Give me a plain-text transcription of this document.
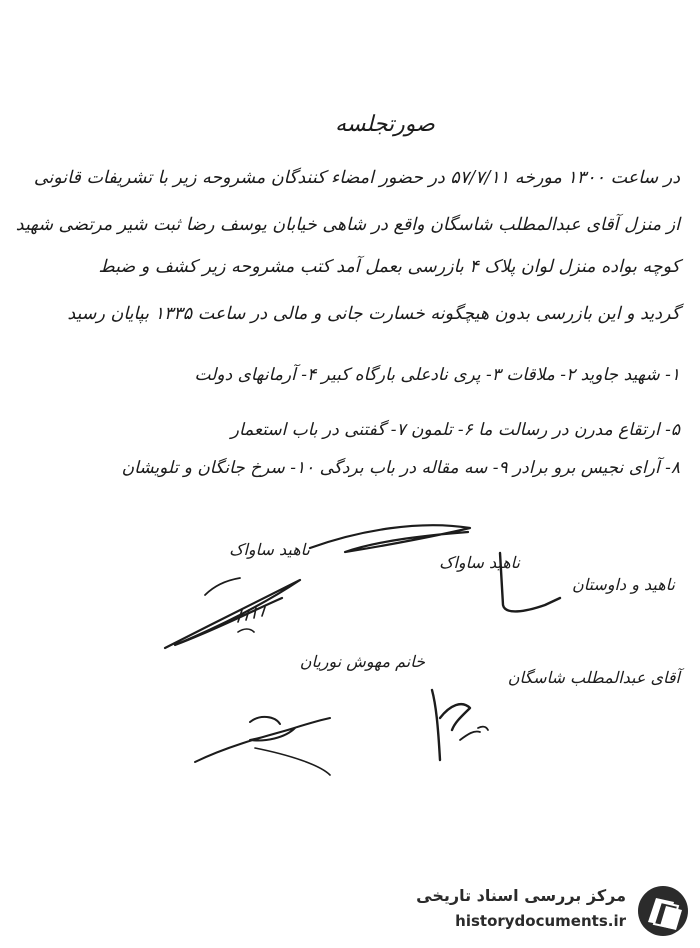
صورتجلسه
در ساعت ۱۳۰۰ مورخه ۵۷/۷/۱۱ در حضور امضاء کنندگان مشروحه زیر با تشریفات قانونی
از منزل آقای عبدالمطلب شاسگان واقع در شاهی خیابان یوسف رضا ثبت شیر مرتضی شهید
کوچه بواده منزل لوان پلاک ۴ بازرسی بعمل آمد کتب مشروحه زیر کشف و ضبط
گردید و این بازرسی بدون هیچگونه خسارت جانی و مالی در ساعت ۱۳۳۵ بپایان رسید
۱- شهید جاوید ۲- ملاقات ۳- پری نادعلی بارگاه کبیر ۴- آرمانهای دولت
۵- ارتقاع مدرن در رسالت ما ۶- تلمون ۷- گفتنی در باب استعمار
۸- آرای نجیس برو برادر ۹- سه مقاله در باب بردگی ۱۰- سرخ جانگان و تلویشان
ناهید ساواک
ناهید ساواک
ناهید و داوستان
خانم مهوش نوریان
آقای عبدالمطلب شاسگان
مرکز بررسی اسناد تاریخی
historydocuments.ir
